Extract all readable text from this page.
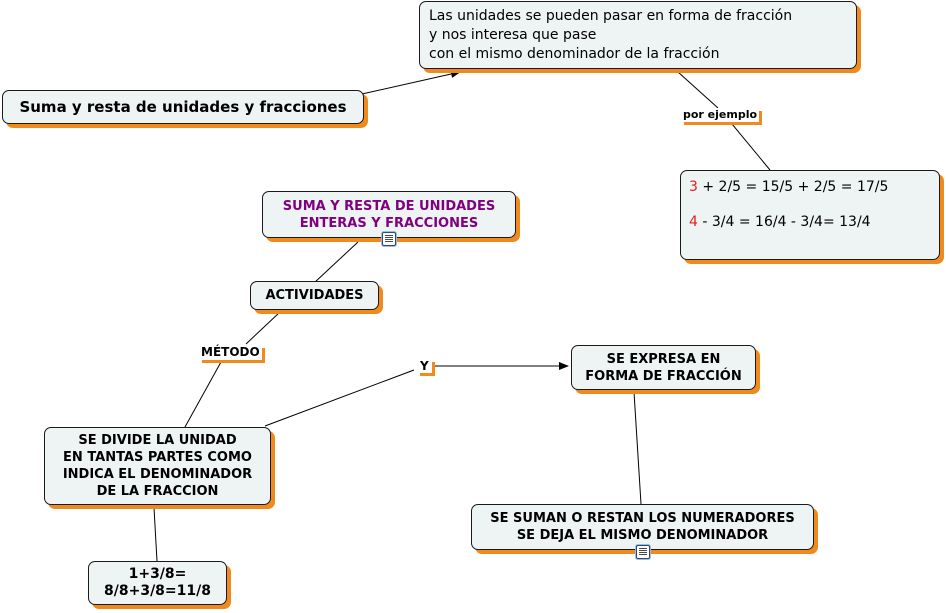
Suma y resta de unidades y fracciones
Las unidades se pueden pasar en forma de fracción
y nos interesa que pase
con el mismo denominador de la fracción
por ejemplo
3 + 2/5 = 15/5 + 2/5 = 17/5
4 - 3/4 = 16/4 - 3/4= 13/4
SUMA Y RESTA DE UNIDADES
ENTERAS Y FRACCIONES
ACTIVIDADES
MÉTODO
Y
SE DIVIDE LA UNIDAD
EN TANTAS PARTES COMO
INDICA EL DENOMINADOR
DE LA FRACCION
1+3/8=
8/8+3/8=11/8
SE EXPRESA EN
FORMA DE FRACCIÓN
SE SUMAN O RESTAN LOS NUMERADORES
SE DEJA EL MISMO DENOMINADOR
